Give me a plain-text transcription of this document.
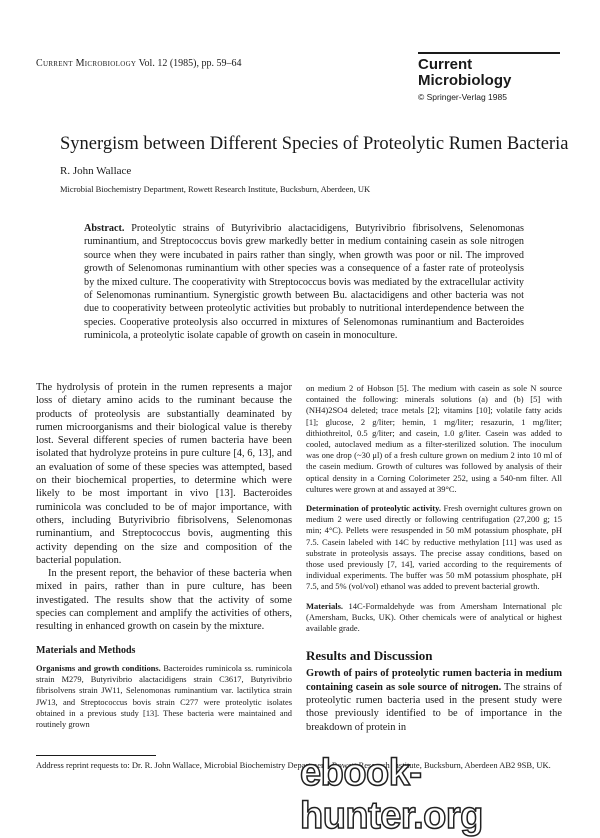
Current Microbiology Vol. 12 (1985), pp. 59–64	Current
Microbiology
© Springer-Verlag 1985
Synergism between Different Species of Proteolytic Rumen Bacteria
R. John Wallace
Microbial Biochemistry Department, Rowett Research Institute, Bucksburn, Aberdeen, UK
Abstract. Proteolytic strains of Butyrivibrio alactacidigens, Butyrivibrio fibrisolvens, Selenomonas ruminantium, and Streptococcus bovis grew markedly better in medium containing casein as sole nitrogen source when they were incubated in pairs rather than singly, when growth was poor or nil. The improved growth of Selenomonas ruminantium with other species was a consequence of a faster rate of proteolysis by the mixed culture. The cooperativity with Streptococcus bovis was mediated by the extracellular activity of Selenomonas ruminantium. Synergistic growth between Bu. alactacidigens and other bacteria was not due to cooperativity between proteolytic activities but probably to nutritional interdependence between the species. Cooperative proteolysis also occurred in mixtures of Selenomonas ruminantium and Bacteroides ruminicola, a proteolytic isolate capable of growth on casein in monoculture.

The hydrolysis of protein in the rumen represents a major loss of dietary amino acids to the ruminant because the products of proteolysis are substantially deaminated by rumen microorganisms and their biological value is thereby lost. Several different species of rumen bacteria have been isolated that hydrolyze proteins in pure culture [4, 6, 13], and an evaluation of some of these species was attempted, based on their biochemical properties, to determine which were likely to be most important in vivo [13]. Bacteroides ruminicola was concluded to be of major importance, with others, including Butyrivibrio fibrisolvens, Selenomonas ruminantium, and Streptococcus bovis, augmenting this activity depending on the size and composition of the bacterial population.

In the present report, the behavior of these bacteria when mixed in pairs, rather than in pure culture, has been investigated. The results show that the activity of some species can complement and amplify the activities of others, resulting in enhanced growth on casein by the mixture.

Materials and Methods

Organisms and growth conditions. Bacteroides ruminicola ss. ruminicola strain M279, Butyrivibrio alactacidigens strain C3617, Butyrivibrio fibrisolvens strain JW11, Selenomonas ruminantium var. lactilytica strain JW13, and Streptococcus bovis strain C277 were proteolytic isolates obtained in a previous study [13]. These bacteria were maintained and routinely grown

on medium 2 of Hobson [5]. The medium with casein as sole N source contained the following: minerals solutions (a) and (b) [5] with (NH4)2SO4 deleted; trace metals [2]; vitamins [10]; volatile fatty acids [1]; glucose, 2 g/liter; hemin, 1 mg/liter; resazurin, 1 mg/liter; dithiothreitol, 0.5 g/liter; and casein, 1.0 g/liter. Casein was added to cooled, autoclaved medium as a filter-sterilized solution. The inoculum was one drop (~30 μl) of a fresh culture grown on medium 2 into 10 ml of the casein medium. Growth of cultures was followed by analysis of their optical density in a Corning Colorimeter 252, using a 540-nm filter. All cultures were grown at and assayed at 39°C.

Determination of proteolytic activity. Fresh overnight cultures grown on medium 2 were used directly or following centrifugation (27,200 g; 15 min; 4°C). Pellets were resuspended in 50 mM potassium phosphate, pH 7.5. Casein labeled with 14C by reductive methylation [11] was used as substrate in proteolysis assays. The precise assay conditions, based on those used previously [7, 14], varied according to the requirements of individual experiments. The buffer was 50 mM potassium phosphate, pH 7.5, and 5% (vol/vol) ethanol was added to prevent bacterial growth.

Materials. 14C-Formaldehyde was from Amersham International plc (Amersham, Bucks, UK). Other chemicals were of analytical or highest available grade.

Results and Discussion

Growth of pairs of proteolytic rumen bacteria in medium containing casein as sole source of nitrogen. The strains of proteolytic rumen bacteria used in the present study were those previously identified to be of importance in the breakdown of protein in

Address reprint requests to: Dr. R. John Wallace, Microbial Biochemistry Department, Rowett Research Institute, Bucksburn, Aberdeen AB2 9SB, UK.
ebook-hunter.org
